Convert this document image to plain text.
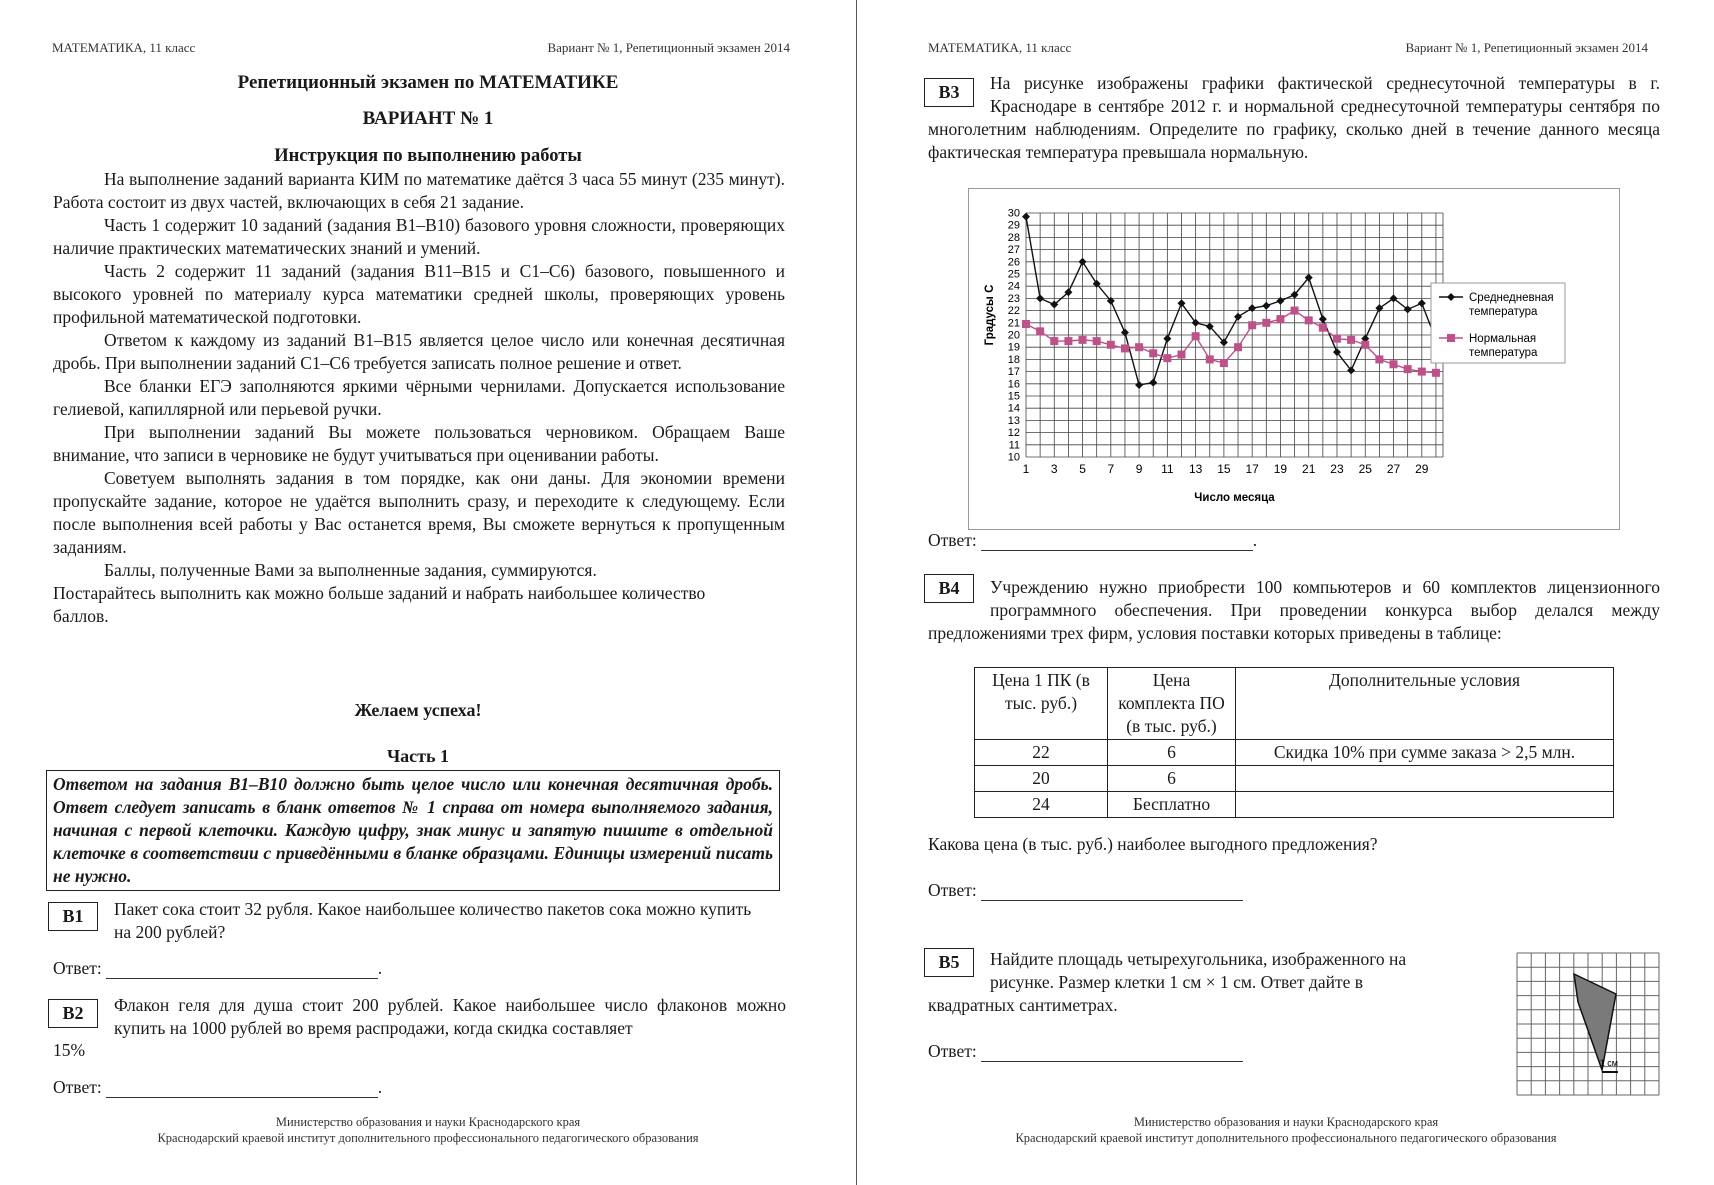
МАТЕМАТИКА, 11 класс	Вариант № 1, Репетиционный экзамен 2014
Репетиционный экзамен по МАТЕМАТИКЕ
ВАРИАНТ № 1
Инструкция по выполнению работы

На выполнение заданий варианта КИМ по математике даётся 3 часа 55 минут (235 минут). Работа состоит из двух частей, включающих в себя 21 задание.

Часть 1 содержит 10 заданий (задания В1–В10) базового уровня сложности, проверяющих наличие практических математических знаний и умений.

Часть 2 содержит 11 заданий (задания В11–В15 и С1–С6) базового, повышенного и высокого уровней по материалу курса математики средней школы, проверяющих уровень профильной математической подготовки.

Ответом к каждому из заданий В1–В15 является целое число или конечная десятичная дробь. При выполнении заданий С1–С6 требуется записать полное решение и ответ.

Все бланки ЕГЭ заполняются яркими чёрными чернилами. Допускается использование гелиевой, капиллярной или перьевой ручки.

При выполнении заданий Вы можете пользоваться черновиком. Обращаем Ваше внимание, что записи в черновике не будут учитываться при оценивании работы.

Советуем выполнять задания в том порядке, как они даны. Для экономии времени пропускайте задание, которое не удаётся выполнить сразу, и переходите к следующему. Если после выполнения всей работы у Вас останется время, Вы сможете вернуться к пропущенным заданиям.

Баллы, полученные Вами за выполненные задания, суммируются.

Постарайтесь выполнить как можно больше заданий и набрать наибольшее количество баллов.

Желаем успеха!
Часть 1
Ответом на задания В1–В10 должно быть целое число или конечная десятичная дробь. Ответ следует записать в бланк ответов № 1 справа от номера выполняемого задания, начиная с первой клеточки. Каждую цифру, знак минус и запятую пишите в отдельной клеточке в соответствии с приведёнными в бланке образцами. Единицы измерений писать не нужно.
В1	Пакет сока стоит 32 рубля. Какое наибольшее количество пакетов сока можно купить на 200 рублей?
Ответ:	.
В2	Флакон геля для душа стоит 200 рублей. Какое наибольшее число флаконов можно купить на 1000 рублей во время распродажи, когда скидка составляет
15%
Ответ:	.
Министерство образования и науки Краснодарского края
Краснодарский краевой институт дополнительного профессионального педагогического образования
МАТЕМАТИКА, 11 класс	Вариант № 1, Репетиционный экзамен 2014
В3	На рисунке изображены графики фактической среднесуточной температуры в г. Краснодаре в сентябре 2012 г. и нормальной среднесуточной температуры сентября по многолетним наблюдениям. Определите по графику, сколько дней в течение данного месяца фактическая температура превышала нормальную.
10
11
12
13
14
15
16
17
18
19
20
21
22
23
24
25
26
27
28
29
30
1 3 5 7 9 11 13 15 17 19 21 23 25 27 29
Число месяца
Градусы С	Среднедневная
температура
Нормальная
температура
Ответ:	.
В4	Учреждению нужно приобрести 100 компьютеров и 60 комплектов лицензионного программного обеспечения. При проведении конкурса выбор делался между предложениями трех фирм, условия поставки которых приведены в таблице:
Цена 1 ПК (в тыс. руб.)	Цена комплекта ПО (в тыс. руб.)	Дополнительные условия
22	6	Скидка 10% при сумме заказа > 2,5 млн.
20	6	
24	Бесплатно	
Какова цена (в тыс. руб.) наиболее выгодного предложения?
Ответ:
В5	Найдите площадь четырехугольника, изображенного на рисунке. Размер клетки 1 см × 1 см. Ответ дайте в квадратных сантиметрах.
Ответ:
1 см
Министерство образования и науки Краснодарского края
Краснодарский краевой институт дополнительного профессионального педагогического образования
